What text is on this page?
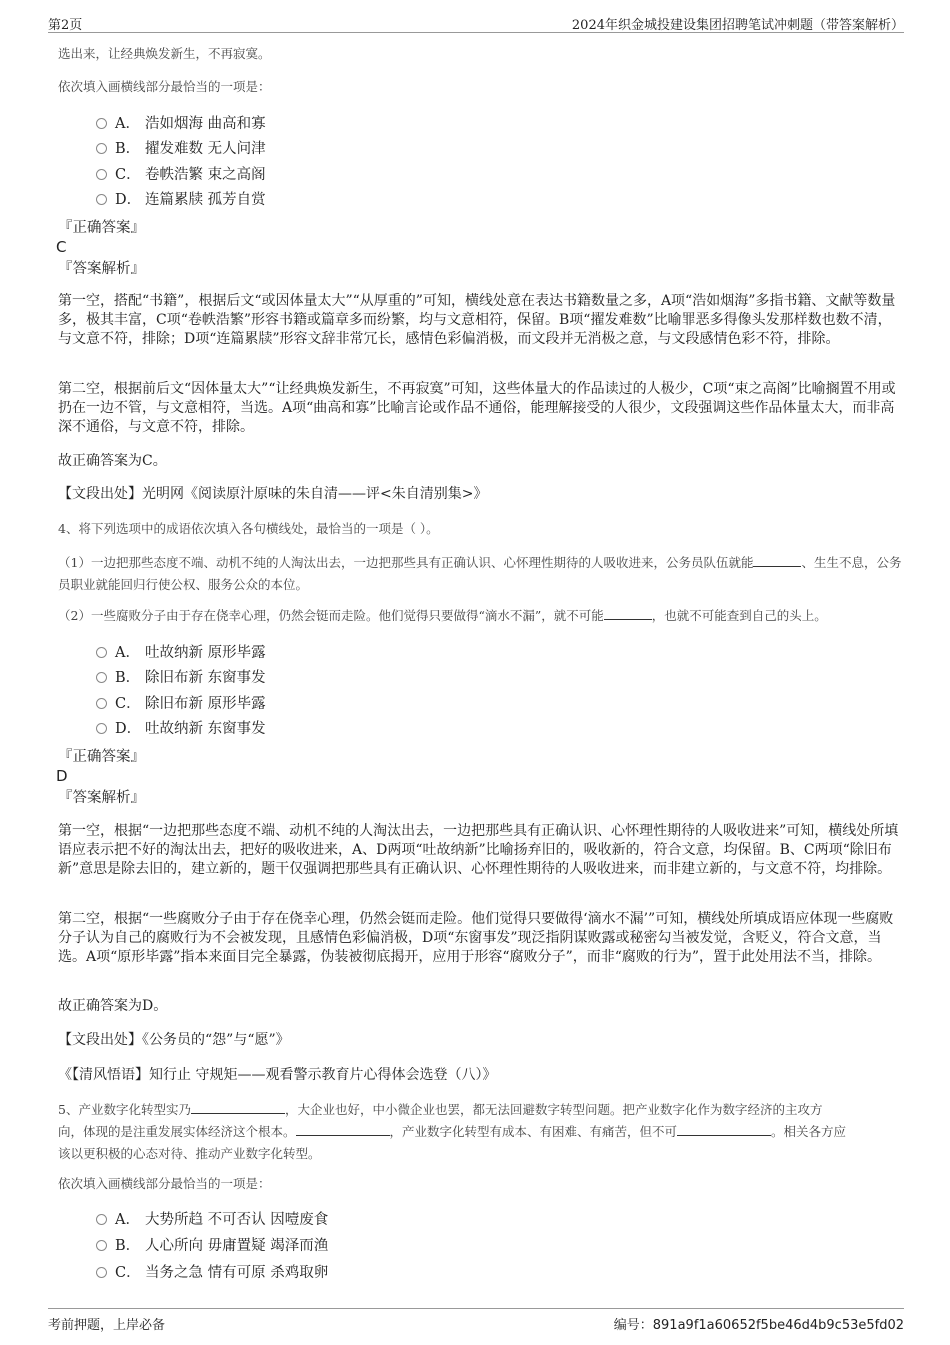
第2页	2024年织金城投建设集团招聘笔试冲刺题（带答案解析）
选出来，让经典焕发新生，不再寂寞。
依次填入画横线部分最恰当的一项是：
A． 浩如烟海 曲高和寡
B． 擢发难数 无人问津
C． 卷帙浩繁 束之高阁
D． 连篇累牍 孤芳自赏
『正确答案』
C
『答案解析』
第一空，搭配“书籍”，根据后文“或因体量太大”“从厚重的”可知，横线处意在表达书籍数量之多，A项“浩如烟海”多指书籍、文献等数量多，极其丰富，C项“卷帙浩繁”形容书籍或篇章多而纷繁，均与文意相符，保留。B项“擢发难数”比喻罪恶多得像头发那样数也数不清，与文意不符，排除；D项“连篇累牍”形容文辞非常冗长，感情色彩偏消极，而文段并无消极之意，与文段感情色彩不符，排除。
第二空，根据前后文“因体量太大”“让经典焕发新生，不再寂寞”可知，这些体量大的作品读过的人极少，C项“束之高阁”比喻搁置不用或扔在一边不管，与文意相符，当选。A项“曲高和寡”比喻言论或作品不通俗，能理解接受的人很少，文段强调这些作品体量太大，而非高深不通俗，与文意不符，排除。
故正确答案为C。
【文段出处】光明网《阅读原汁原味的朱自清——评<朱自清别集>》
4、将下列选项中的成语依次填入各句横线处，最恰当的一项是（ ）。
（1）一边把那些态度不端、动机不纯的人淘汰出去，一边把那些具有正确认识、心怀理性期待的人吸收进来，公务员队伍就能	、生生不息，公务员职业就能回归行使公权、服务公众的本位。
（2）一些腐败分子由于存在侥幸心理，仍然会铤而走险。他们觉得只要做得“滴水不漏”，就不可能	，也就不可能查到自己的头上。
A． 吐故纳新 原形毕露
B． 除旧布新 东窗事发
C． 除旧布新 原形毕露
D． 吐故纳新 东窗事发
『正确答案』
D
『答案解析』
第一空，根据“一边把那些态度不端、动机不纯的人淘汰出去，一边把那些具有正确认识、心怀理性期待的人吸收进来”可知，横线处所填语应表示把不好的淘汰出去，把好的吸收进来，A、D两项“吐故纳新”比喻扬弃旧的，吸收新的，符合文意，均保留。B、C两项“除旧布新”意思是除去旧的，建立新的，题干仅强调把那些具有正确认识、心怀理性期待的人吸收进来，而非建立新的，与文意不符，均排除。
第二空，根据“一些腐败分子由于存在侥幸心理，仍然会铤而走险。他们觉得只要做得‘滴水不漏’”可知，横线处所填成语应体现一些腐败分子认为自己的腐败行为不会被发现，且感情色彩偏消极，D项“东窗事发”现泛指阴谋败露或秘密勾当被发觉，含贬义，符合文意，当选。A项“原形毕露”指本来面目完全暴露，伪装被彻底揭开，应用于形容“腐败分子”，而非“腐败的行为”，置于此处用法不当，排除。
故正确答案为D。
【文段出处】《公务员的“怨”与“愿”》
《【清风悟语】知行止 守规矩——观看警示教育片心得体会选登（八）》
5、产业数字化转型实乃	，大企业也好，中小微企业也罢，都无法回避数字转型问题。把产业数字化作为数字经济的主攻方
向，体现的是注重发展实体经济这个根本。	，产业数字化转型有成本、有困难、有痛苦，但不可	。相关各方应
该以更积极的心态对待、推动产业数字化转型。
依次填入画横线部分最恰当的一项是：
A． 大势所趋 不可否认 因噎废食
B． 人心所向 毋庸置疑 竭泽而渔
C． 当务之急 情有可原 杀鸡取卵
考前押题，上岸必备	编号：891a9f1a60652f5be46d4b9c53e5fd02
